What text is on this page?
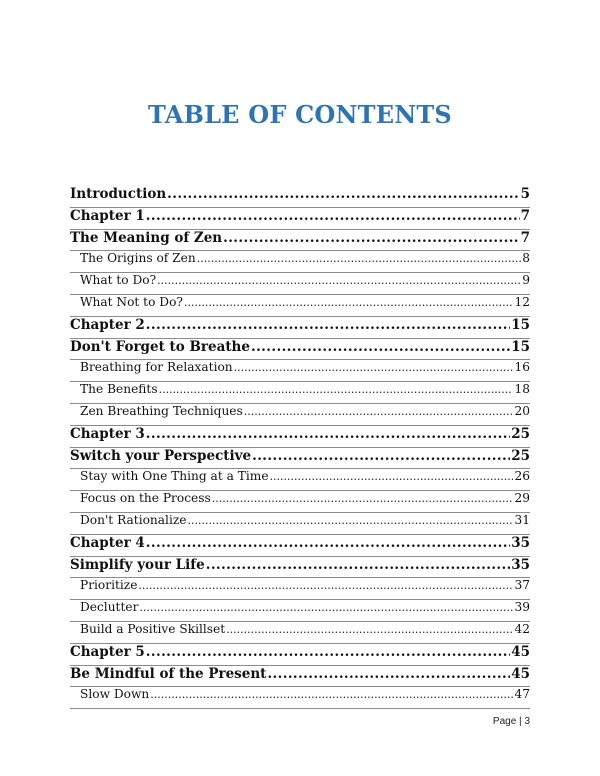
TABLE OF CONTENTS
Introduction .....	5
Chapter 1 .....	7
The Meaning of Zen .....	7
The Origins of Zen .....	8
What to Do? .....	9
What Not to Do? .....	12
Chapter 2 .....	15
Don't Forget to Breathe .....	15
Breathing for Relaxation .....	16
The Benefits .....	18
Zen Breathing Techniques .....	20
Chapter 3 .....	25
Switch your Perspective .....	25
Stay with One Thing at a Time .....	26
Focus on the Process .....	29
Don't Rationalize .....	31
Chapter 4 .....	35
Simplify your Life .....	35
Prioritize .....	37
Declutter .....	39
Build a Positive Skillset .....	42
Chapter 5 .....	45
Be Mindful of the Present .....	45
Slow Down .....	47
Page | 3
